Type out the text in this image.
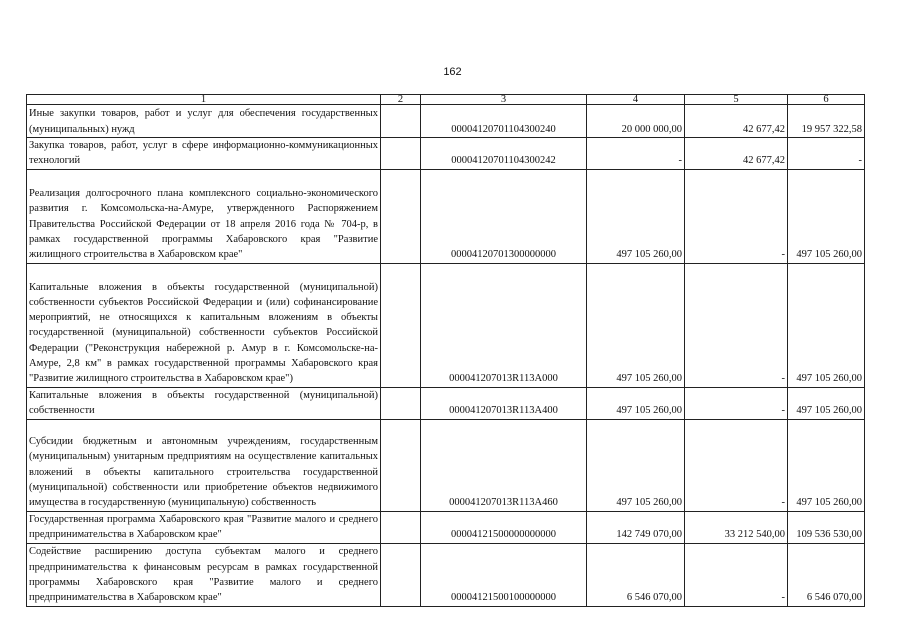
162
1	2	3	4	5	6
Иные закупки товаров, работ и услуг для обеспечения государственных (муниципальных) нужд		00004120701104300240	20 000 000,00	42 677,42	19 957 322,58
Закупка товаров, работ, услуг в сфере информационно-коммуникационных технологий		00004120701104300242	-	42 677,42	-
Реализация долгосрочного плана комплексного социально-экономического развития г. Комсомольска-на-Амуре, утвержденного Распоряжением Правительства Российской Федерации от 18 апреля 2016 года № 704-р, в рамках государственной программы Хабаровского края "Развитие жилищного строительства в Хабаровском крае"		00004120701300000000	497 105 260,00	-	497 105 260,00
Капитальные вложения в объекты государственной (муниципальной) собственности субъектов Российской Федерации и (или) софинансирование мероприятий, не относящихся к капитальным вложениям в объекты государственной (муниципальной) собственности субъектов Российской Федерации ("Реконструкция набережной р. Амур в г. Комсомольске-на-Амуре, 2,8 км" в рамках государственной программы Хабаровского края "Развитие жилищного строительства в Хабаровском крае")		000041207013R113A000	497 105 260,00	-	497 105 260,00
Капитальные вложения в объекты государственной (муниципальной) собственности		000041207013R113A400	497 105 260,00	-	497 105 260,00
Субсидии бюджетным и автономным учреждениям, государственным (муниципальным) унитарным предприятиям на осуществление капитальных вложений в объекты капитального строительства государственной (муниципальной) собственности или приобретение объектов недвижимого имущества в государственную (муниципальную) собственность		000041207013R113A460	497 105 260,00	-	497 105 260,00
Государственная программа Хабаровского края "Развитие малого и среднего предпринимательства в Хабаровском крае"		00004121500000000000	142 749 070,00	33 212 540,00	109 536 530,00
Содействие расширению доступа субъектам малого и среднего предпринимательства к финансовым ресурсам в рамках государственной программы Хабаровского края "Развитие малого и среднего предпринимательства в Хабаровском крае"		00004121500100000000	6 546 070,00	-	6 546 070,00
